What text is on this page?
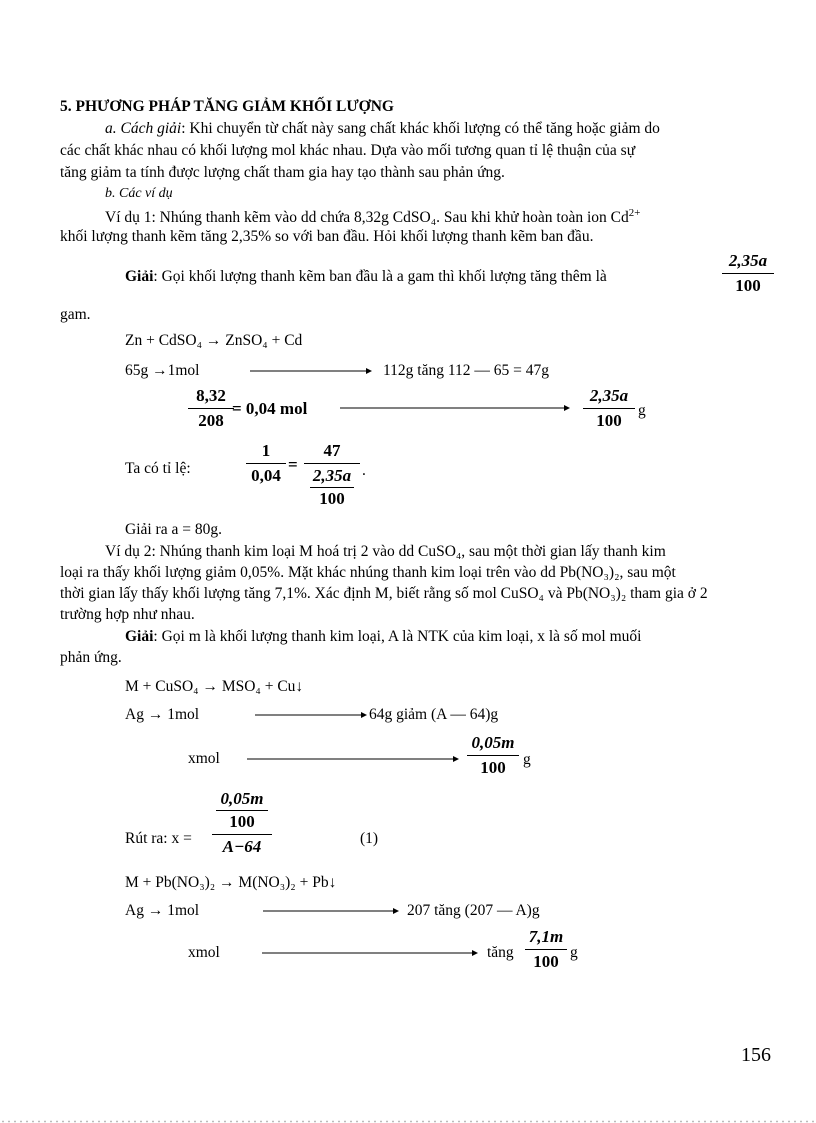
5. PHƯƠNG PHÁP TĂNG GIẢM KHỐI LƯỢNG
a. Cách giải: Khi chuyển từ chất này sang chất khác khối lượng có thể tăng hoặc giảm do
các chất khác nhau có khối lượng mol khác nhau. Dựa vào mối tương quan tỉ lệ thuận của sự
tăng giảm ta tính được lượng chất tham gia hay tạo thành sau phản ứng.
b. Các ví dụ
Ví dụ 1: Nhúng thanh kẽm vào dd chứa 8,32g CdSO₄. Sau khi khử hoàn toàn ion $Cd^{2+}$
khối lượng thanh kẽm tăng 2,35% so với ban đầu. Hỏi khối lượng thanh kẽm ban đầu.
Giải: Gọi khối lượng thanh kẽm ban đầu là a gam thì khối lượng tăng thêm là
2,35a
100
gam.
Zn + CdSO₄ → ZnSO₄ + Cd
65g →1mol	112g tăng 112 — 65 = 47g
8,32
208
= 0,04 mol
2,35a
100
g
Ta có tỉ lệ:
1
0,04
=
47
2,35a
100
.
Giải ra a = 80g.
Ví dụ 2: Nhúng thanh kim loại M hoá trị 2 vào dd CuSO₄, sau một thời gian lấy thanh kim
loại ra thấy khối lượng giảm 0,05%. Mặt khác nhúng thanh kim loại trên vào dd Pb(NO₃)₂, sau một
thời gian lấy thấy khối lượng tăng 7,1%. Xác định M, biết rằng số mol CuSO₄ và Pb(NO₃)₂ tham gia ở 2
trường hợp như nhau.
Giải: Gọi m là khối lượng thanh kim loại, A là NTK của kim loại, x là số mol muối
phản ứng.
M + CuSO₄ → MSO₄ + Cu↓
Ag → 1mol	64g giảm (A — 64)g
xmol
0,05m
100	g
Rút ra: x =
0,05m
100
A−64	(1)
M + Pb(NO₃)₂ → M(NO₃)₂ + Pb↓
Ag → 1mol	207 tăng (207 — A)g
xmol	tăng
7,1m
100 g
156
